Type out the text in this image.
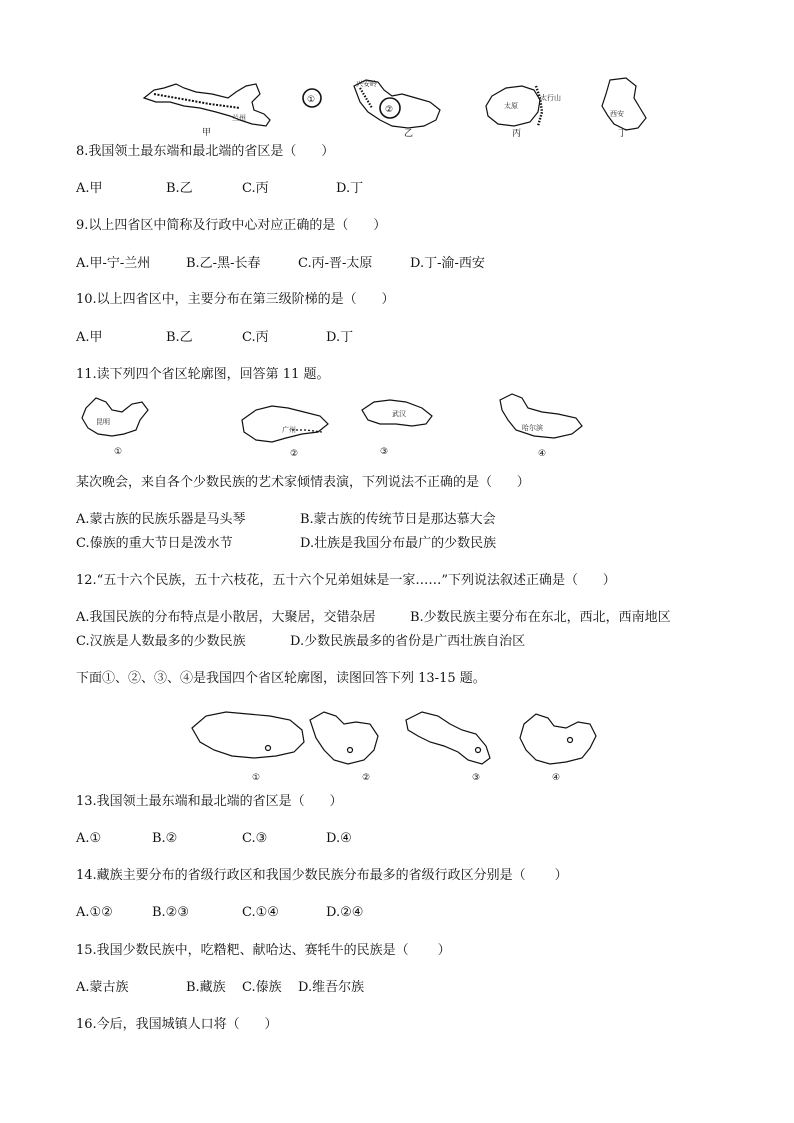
兰州
甲
①
兴安岭
②
乙
太原
太行山
丙
西安
丁
8.我国领土最东端和最北端的省区是（      ）
A.甲	B.乙	C.丙	D.丁
9.以上四省区中简称及行政中心对应正确的是（      ）
A.甲-宁-兰州	B.乙-黑-长春	C.丙-晋-太原	D.丁-渝-西安
10.以上四省区中，主要分布在第三级阶梯的是（      ）
A.甲	B.乙	C.丙	D.丁
11.读下列四个省区轮廓图，回答第 11 题。
昆明
①
广州
②
武汉
③
哈尔滨
④
某次晚会，来自各个少数民族的艺术家倾情表演，下列说法不正确的是（      ）
A.蒙古族的民族乐器是马头琴	B.蒙古族的传统节日是那达慕大会
C.傣族的重大节日是泼水节	D.壮族是我国分布最广的少数民族
12.“五十六个民族，五十六枝花，五十六个兄弟姐妹是一家……”下列说法叙述正确是（      ）
A.我国民族的分布特点是小散居，大聚居，交错杂居	B.少数民族主要分布在东北，西北，西南地区
C.汉族是人数最多的少数民族	D.少数民族最多的省份是广西壮族自治区
下面①、②、③、④是我国四个省区轮廓图，读图回答下列 13-15 题。
①	②	③	④
13.我国领土最东端和最北端的省区是（      ）
A.①	B.②	C.③	D.④
14.藏族主要分布的省级行政区和我国少数民族分布最多的省级行政区分别是（       ）
A.①②	B.②③	C.①④	D.②④
15.我国少数民族中，吃糌粑、献哈达、赛牦牛的民族是（       ）
A.蒙古族	B.藏族 C.傣族 D.维吾尔族
16.今后，我国城镇人口将（      ）
